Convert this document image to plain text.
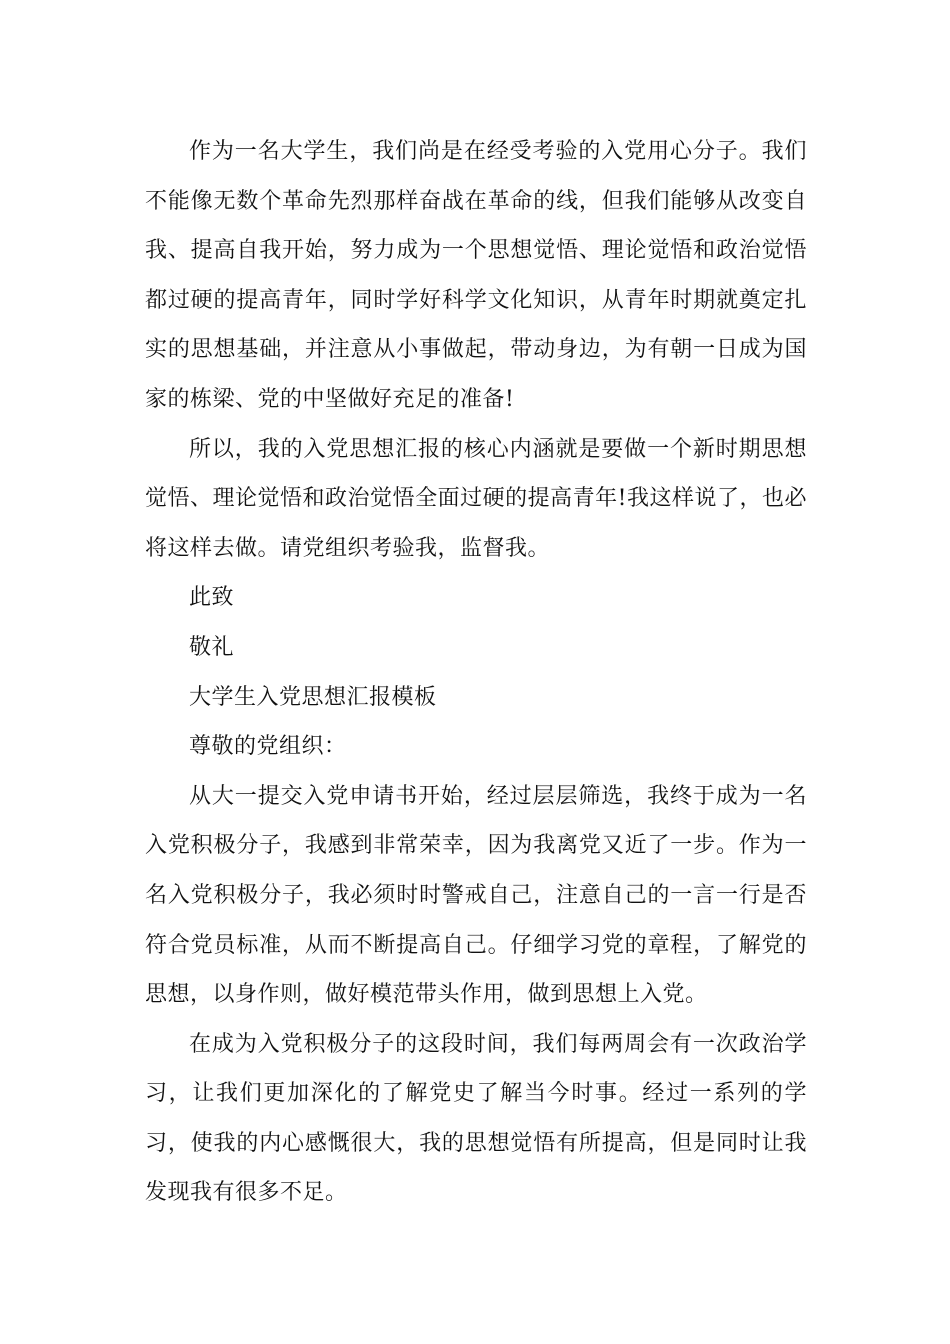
作为一名大学生，我们尚是在经受考验的入党用心分子。我们不能像无数个革命先烈那样奋战在革命的线，但我们能够从改变自我、提高自我开始，努力成为一个思想觉悟、理论觉悟和政治觉悟都过硬的提高青年，同时学好科学文化知识，从青年时期就奠定扎实的思想基础，并注意从小事做起，带动身边，为有朝一日成为国家的栋梁、党的中坚做好充足的准备!

所以，我的入党思想汇报的核心内涵就是要做一个新时期思想觉悟、理论觉悟和政治觉悟全面过硬的提高青年!我这样说了，也必将这样去做。请党组织考验我，监督我。

此致

敬礼

大学生入党思想汇报模板

尊敬的党组织：

从大一提交入党申请书开始，经过层层筛选，我终于成为一名入党积极分子，我感到非常荣幸，因为我离党又近了一步。作为一名入党积极分子，我必须时时警戒自己，注意自己的一言一行是否符合党员标准，从而不断提高自己。仔细学习党的章程，了解党的思想，以身作则，做好模范带头作用，做到思想上入党。

在成为入党积极分子的这段时间，我们每两周会有一次政治学习，让我们更加深化的了解党史了解当今时事。经过一系列的学习，使我的内心感慨很大，我的思想觉悟有所提高，但是同时让我发现我有很多不足。
